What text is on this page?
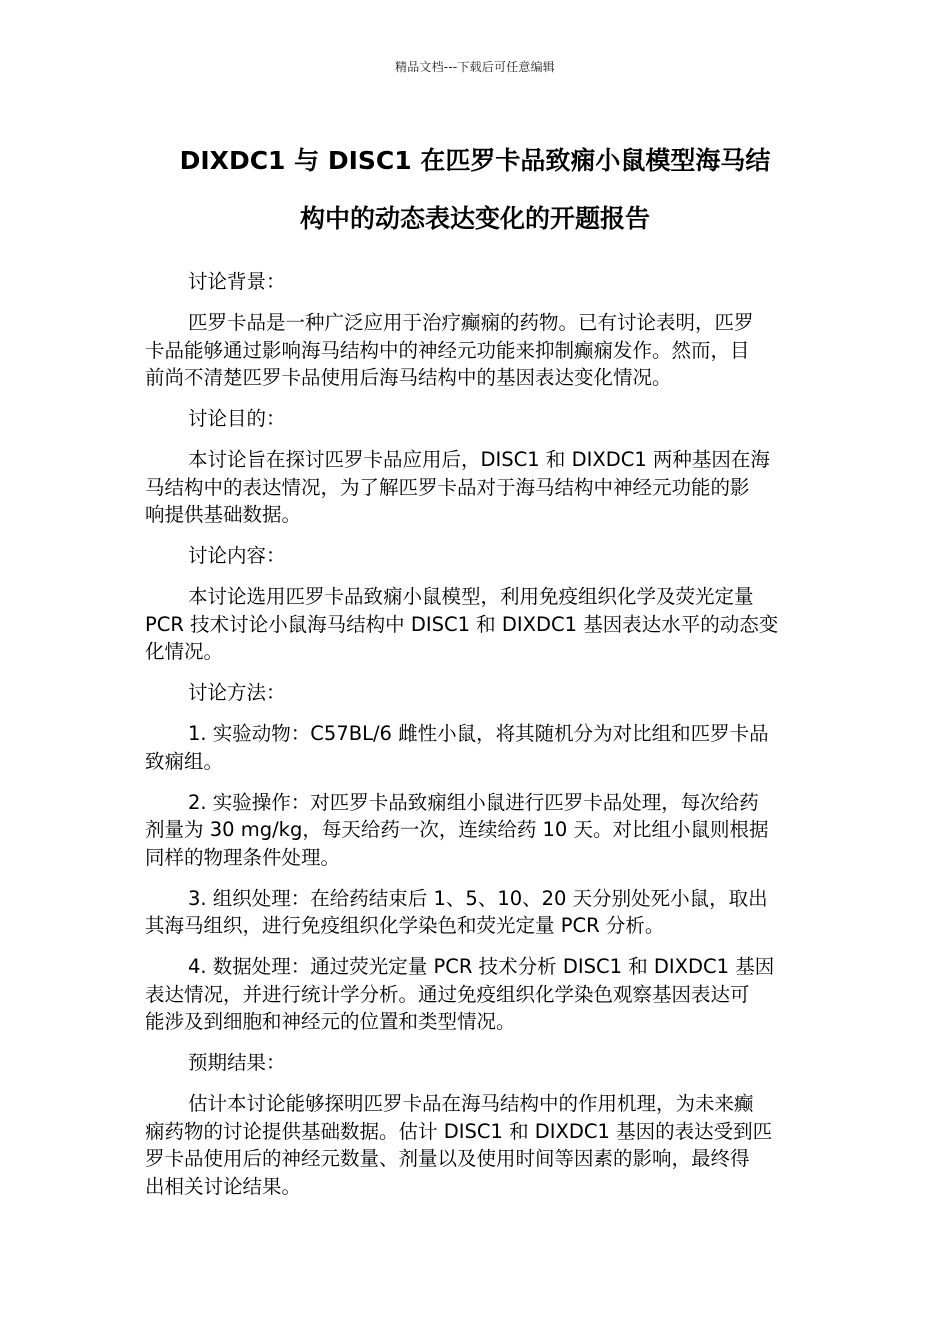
精品文档---下载后可任意编辑
DIXDC1 与 DISC1 在匹罗卡品致痫小鼠模型海马结
构中的动态表达变化的开题报告

讨论背景：

匹罗卡品是一种广泛应用于治疗癫痫的药物。已有讨论表明，匹罗
卡品能够通过影响海马结构中的神经元功能来抑制癫痫发作。然而，目
前尚不清楚匹罗卡品使用后海马结构中的基因表达变化情况。

讨论目的：

本讨论旨在探讨匹罗卡品应用后，DISC1 和 DIXDC1 两种基因在海
马结构中的表达情况，为了解匹罗卡品对于海马结构中神经元功能的影
响提供基础数据。

讨论内容：

本讨论选用匹罗卡品致痫小鼠模型，利用免疫组织化学及荧光定量
PCR 技术讨论小鼠海马结构中 DISC1 和 DIXDC1 基因表达水平的动态变
化情况。

讨论方法：

1. 实验动物：C57BL/6 雌性小鼠，将其随机分为对比组和匹罗卡品
致痫组。

2. 实验操作：对匹罗卡品致痫组小鼠进行匹罗卡品处理，每次给药
剂量为 30 mg/kg，每天给药一次，连续给药 10 天。对比组小鼠则根据
同样的物理条件处理。

3. 组织处理：在给药结束后 1、5、10、20 天分别处死小鼠，取出
其海马组织，进行免疫组织化学染色和荧光定量 PCR 分析。

4. 数据处理：通过荧光定量 PCR 技术分析 DISC1 和 DIXDC1 基因
表达情况，并进行统计学分析。通过免疫组织化学染色观察基因表达可
能涉及到细胞和神经元的位置和类型情况。

预期结果：

估计本讨论能够探明匹罗卡品在海马结构中的作用机理，为未来癫
痫药物的讨论提供基础数据。估计 DISC1 和 DIXDC1 基因的表达受到匹
罗卡品使用后的神经元数量、剂量以及使用时间等因素的影响，最终得
出相关讨论结果。
